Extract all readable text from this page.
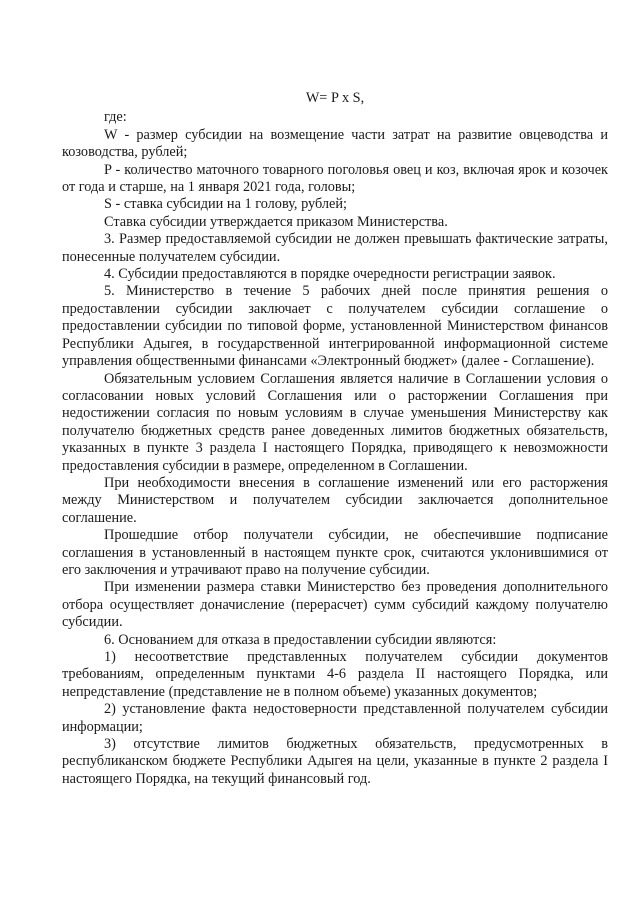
W= P x S,

где:

W - размер субсидии на возмещение части затрат на развитие овцеводства и козоводства, рублей;

P - количество маточного товарного поголовья овец и коз, включая ярок и козочек от года и старше, на 1 января 2021 года, головы;

S - ставка субсидии на 1 голову, рублей;

Ставка субсидии утверждается приказом Министерства.

3. Размер предоставляемой субсидии не должен превышать фактические затраты, понесенные получателем субсидии.

4. Субсидии предоставляются в порядке очередности регистрации заявок.

5. Министерство в течение 5 рабочих дней после принятия решения о предоставлении субсидии заключает с получателем субсидии соглашение о предоставлении субсидии по типовой форме, установленной Министерством финансов Республики Адыгея, в государственной интегрированной информационной системе управления общественными финансами «Электронный бюджет» (далее - Соглашение).

Обязательным условием Соглашения является наличие в Соглашении условия о согласовании новых условий Соглашения или о расторжении Соглашения при недостижении согласия по новым условиям в случае уменьшения Министерству как получателю бюджетных средств ранее доведенных лимитов бюджетных обязательств, указанных в пункте 3 раздела I настоящего Порядка, приводящего к невозможности предоставления субсидии в размере, определенном в Соглашении.

При необходимости внесения в соглашение изменений или его расторжения между Министерством и получателем субсидии заключается дополнительное соглашение.

Прошедшие отбор получатели субсидии, не обеспечившие подписание соглашения в установленный в настоящем пункте срок, считаются уклонившимися от его заключения и утрачивают право на получение субсидии.

При изменении размера ставки Министерство без проведения дополнительного отбора осуществляет доначисление (перерасчет) сумм субсидий каждому получателю субсидии.

6. Основанием для отказа в предоставлении субсидии являются:

1) несоответствие представленных получателем субсидии документов требованиям, определенным пунктами 4-6 раздела II настоящего Порядка, или непредставление (представление не в полном объеме) указанных документов;

2) установление факта недостоверности представленной получателем субсидии информации;

3) отсутствие лимитов бюджетных обязательств, предусмотренных в республиканском бюджете Республики Адыгея на цели, указанные в пункте 2 раздела I настоящего Порядка, на текущий финансовый год.
